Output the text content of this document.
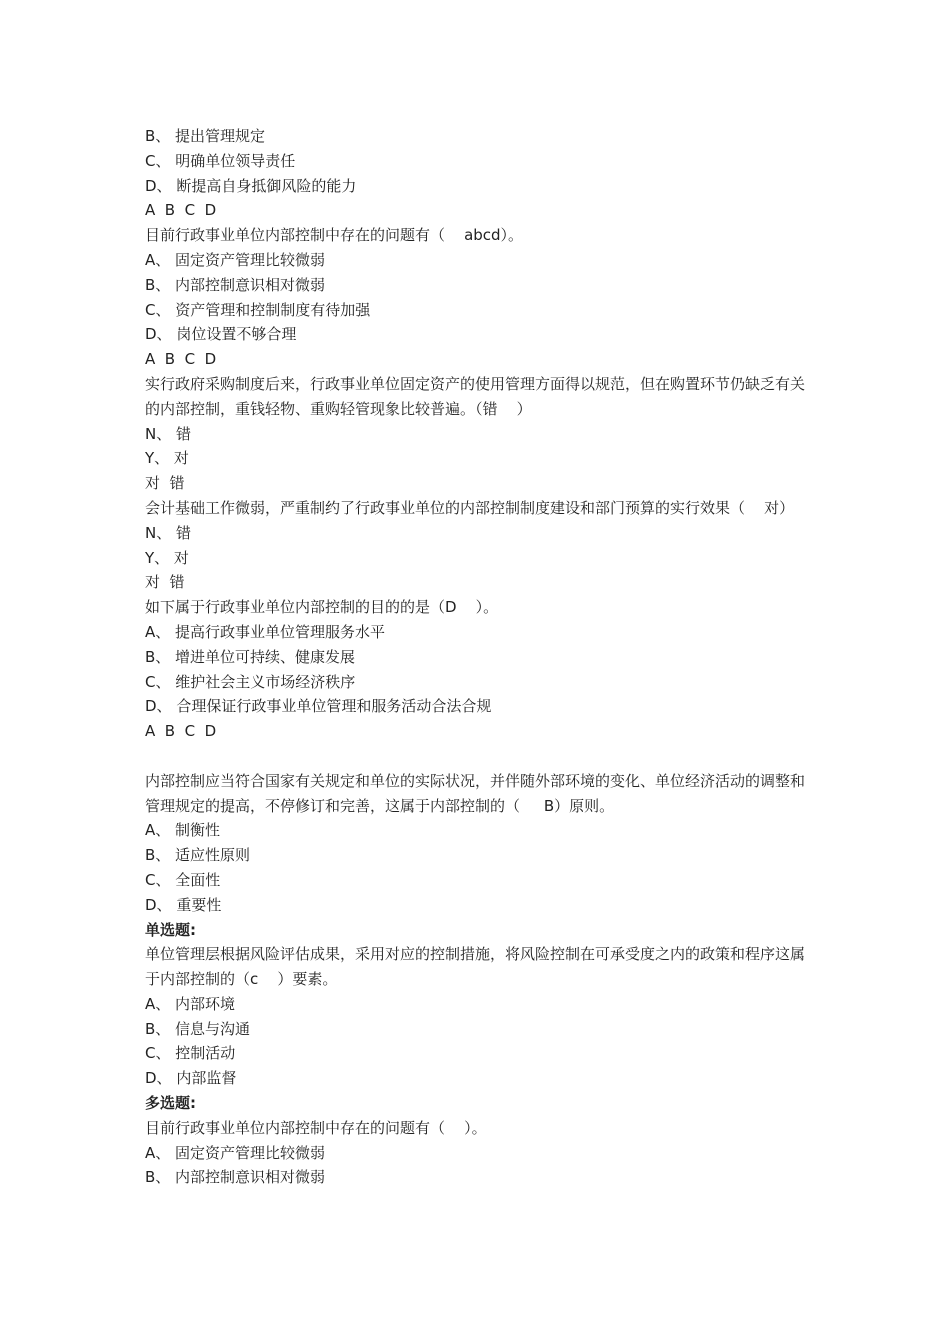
B、 提出管理规定
C、 明确单位领导责任
D、 断提高自身抵御风险的能力
A  B  C  D
目前行政事业单位内部控制中存在的问题有（    abcd）。
A、 固定资产管理比较微弱
B、 内部控制意识相对微弱
C、 资产管理和控制制度有待加强
D、 岗位设置不够合理
A  B  C  D
实行政府采购制度后来，行政事业单位固定资产的使用管理方面得以规范，但在购置环节仍缺乏有关的内部控制，重钱轻物、重购轻管现象比较普遍。（错    ）
N、 错
Y、 对
对  错
会计基础工作微弱，严重制约了行政事业单位的内部控制制度建设和部门预算的实行效果（    对）
N、 错
Y、 对
对  错
如下属于行政事业单位内部控制的目的的是（D    ）。
A、 提高行政事业单位管理服务水平
B、 增进单位可持续、健康发展
C、 维护社会主义市场经济秩序
D、 合理保证行政事业单位管理和服务活动合法合规
A  B  C  D
内部控制应当符合国家有关规定和单位的实际状况，并伴随外部环境的变化、单位经济活动的调整和管理规定的提高，不停修订和完善，这属于内部控制的（     B）原则。
A、 制衡性
B、 适应性原则
C、 全面性
D、 重要性
单选题:
单位管理层根据风险评估成果，采用对应的控制措施，将风险控制在可承受度之内的政策和程序这属于内部控制的（c    ）要素。
A、 内部环境
B、 信息与沟通
C、 控制活动
D、 内部监督
多选题:
目前行政事业单位内部控制中存在的问题有（    ）。
A、 固定资产管理比较微弱
B、 内部控制意识相对微弱
